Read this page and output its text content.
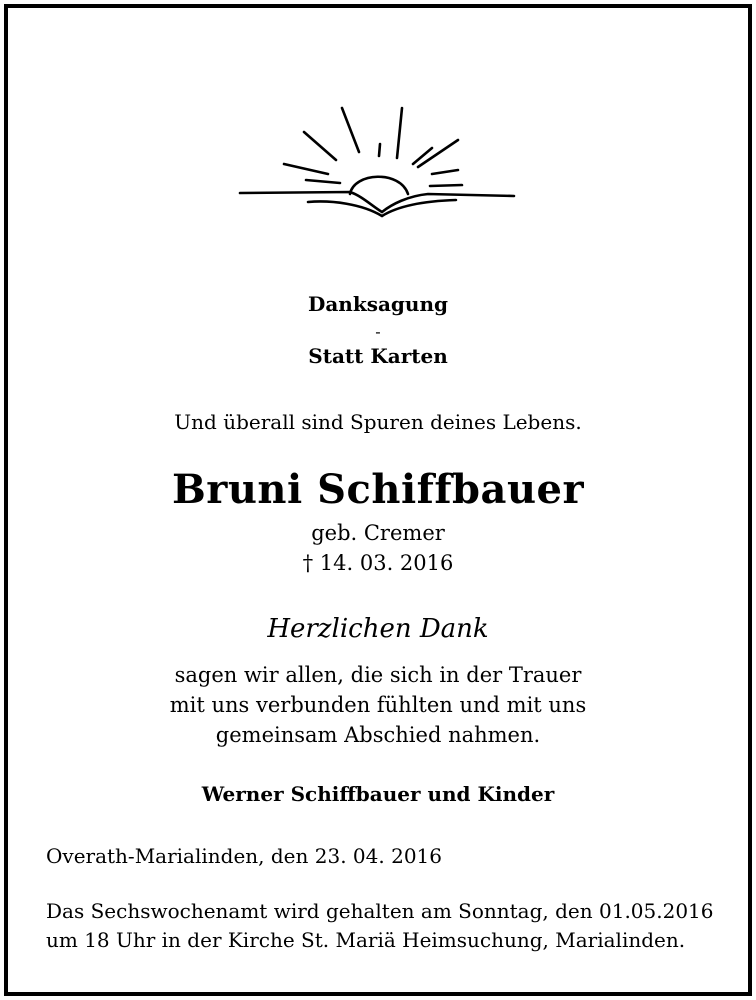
Danksagung
-
Statt Karten
Und überall sind Spuren deines Lebens.
Bruni Schiffbauer
geb. Cremer
† 14. 03. 2016
Herzlichen Dank
sagen wir allen, die sich in der Trauer
mit uns verbunden fühlten und mit uns
gemeinsam Abschied nahmen.
Werner Schiffbauer und Kinder
Overath-Marialinden, den 23. 04. 2016
Das Sechswochenamt wird gehalten am Sonntag, den 01.05.2016
um 18 Uhr in der Kirche St. Mariä Heimsuchung, Marialinden.
